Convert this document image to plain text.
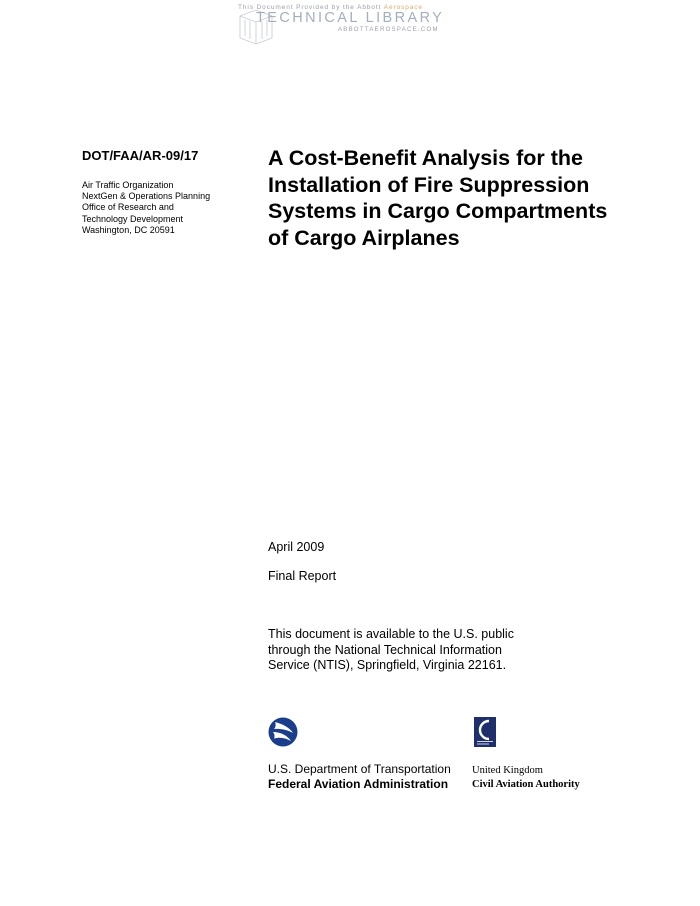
This Document Provided by the Abbott Aerospace
TECHNICAL LIBRARY
ABBOTTAEROSPACE.COM
DOT/FAA/AR-09/17
Air Traffic Organization
NextGen & Operations Planning
Office of Research and
Technology Development
Washington, DC 20591
A Cost-Benefit Analysis for the
Installation of Fire Suppression
Systems in Cargo Compartments
of Cargo Airplanes
April 2009
Final Report
This document is available to the U.S. public
through the National Technical Information
Service (NTIS), Springfield, Virginia 22161.
U.S. Department of Transportation
Federal Aviation Administration
United Kingdom
Civil Aviation Authority
